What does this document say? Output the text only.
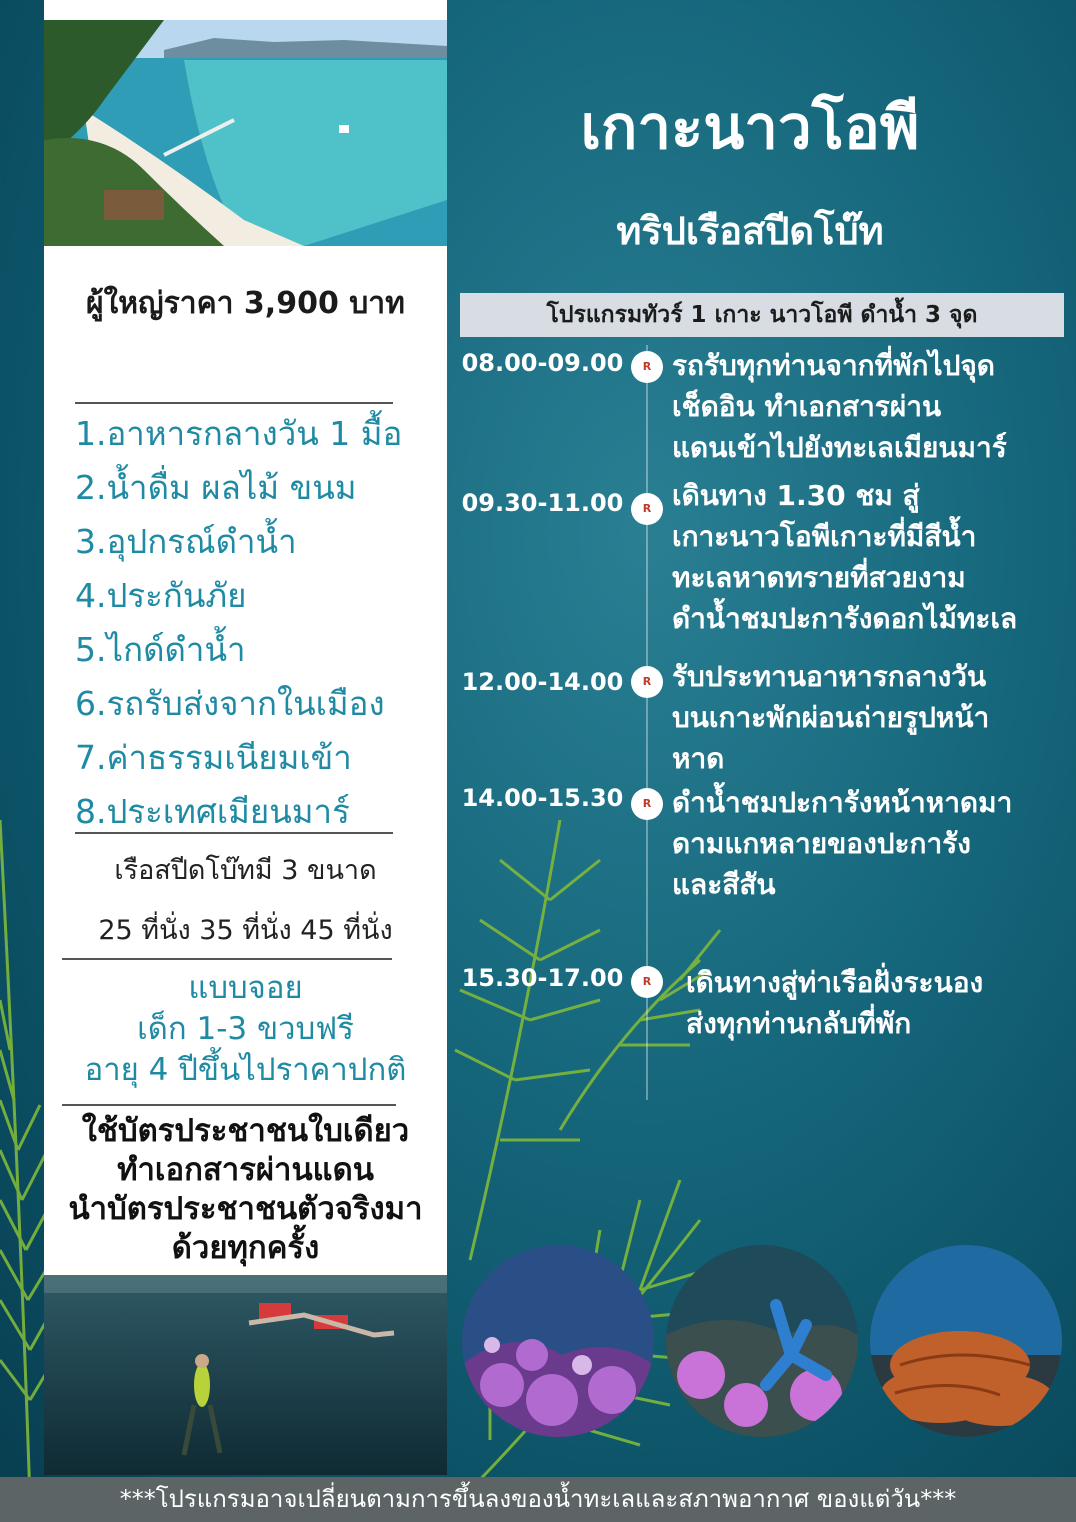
ผู้ใหญ่ราคา 3,900 บาท
1.อาหารกลางวัน 1 มื้อ
2.น้ำดื่ม ผลไม้ ขนม
3.อุปกรณ์ดำน้ำ
4.ประกันภัย
5.ไกด์ดำน้ำ
6.รถรับส่งจากในเมือง
7.ค่าธรรมเนียมเข้า
8.ประเทศเมียนมาร์
เรือสปีดโบ๊ทมี 3 ขนาด
25 ที่นั่ง 35 ที่นั่ง 45 ที่นั่ง
แบบจอย
เด็ก 1-3 ขวบฟรี
อายุ 4 ปีขึ้นไปราคาปกติ
ใช้บัตรประชาชนใบเดียว
ทำเอกสารผ่านแดน
นำบัตรประชาชนตัวจริงมา
ด้วยทุกครั้ง
เกาะนาวโอพี
ทริปเรือสปีดโบ๊ท
โปรแกรมทัวร์ 1 เกาะ นาวโอพี ดำน้ำ 3 จุด
08.00-09.00	R รถรับทุกท่านจากที่พักไปจุด
เช็ดอิน ทำเอกสารผ่าน
แดนเข้าไปยังทะเลเมียนมาร์
09.30-11.00	R เดินทาง 1.30 ชม สู่
เกาะนาวโอพีเกาะที่มีสีน้ำ
ทะเลหาดทรายที่สวยงาม
ดำน้ำชมปะการังดอกไม้ทะเล
12.00-14.00	R รับประทานอาหารกลางวัน
บนเกาะพักผ่อนถ่ายรูปหน้า
หาด
14.00-15.30	R ดำน้ำชมปะการังหน้าหาดมา
ดามแกหลายของปะการัง
และสีสัน
15.30-17.00	R	เดินทางสู่ท่าเรือฝั่งระนอง
ส่งทุกท่านกลับที่พัก
***โปรแกรมอาจเปลี่ยนตามการขึ้นลงของน้ำทะเลและสภาพอากาศ ของแต่วัน***
